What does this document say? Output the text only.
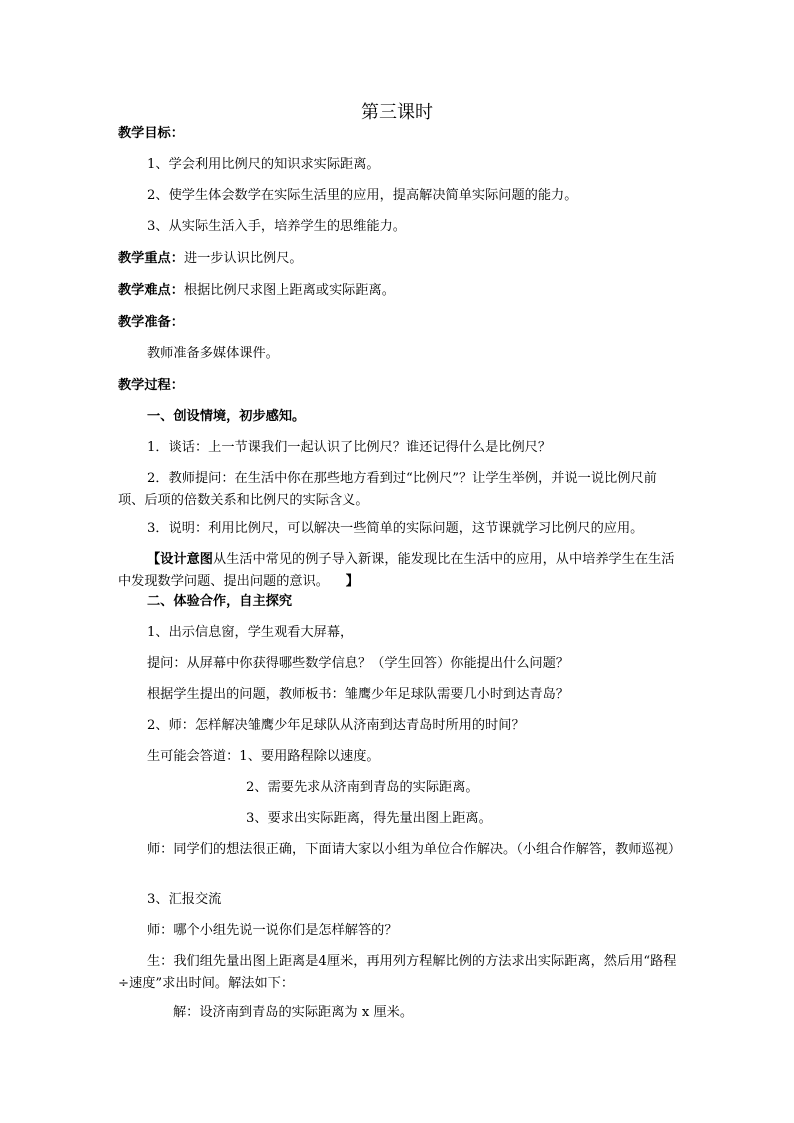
第三课时
教学目标：
1、学会利用比例尺的知识求实际距离。
2、使学生体会数学在实际生活里的应用，提高解决简单实际问题的能力。
3、从实际生活入手，培养学生的思维能力。
教学重点：进一步认识比例尺。
教学难点：根据比例尺求图上距离或实际距离。
教学准备：
教师准备多媒体课件。
教学过程：
一、创设情境，初步感知。
1．谈话：上一节课我们一起认识了比例尺？谁还记得什么是比例尺？
2．教师提问：在生活中你在那些地方看到过“比例尺”？让学生举例，并说一说比例尺前项、后项的倍数关系和比例尺的实际含义。
3．说明：利用比例尺，可以解决一些简单的实际问题，这节课就学习比例尺的应用。
【设计意图从生活中常见的例子导入新课，能发现比在生活中的应用，从中培养学生在生活中发现数学问题、提出问题的意识。 】
二、体验合作，自主探究
1、出示信息窗，学生观看大屏幕，
提问：从屏幕中你获得哪些数学信息？（学生回答）你能提出什么问题？
根据学生提出的问题，教师板书：雏鹰少年足球队需要几小时到达青岛？
2、师：怎样解决雏鹰少年足球队从济南到达青岛时所用的时间？
生可能会答道：1、要用路程除以速度。
2、需要先求从济南到青岛的实际距离。
3、要求出实际距离，得先量出图上距离。
师：同学们的想法很正确，下面请大家以小组为单位合作解决。（小组合作解答，教师巡视）
3、汇报交流
师：哪个小组先说一说你们是怎样解答的？
生：我们组先量出图上距离是4厘米，再用列方程解比例的方法求出实际距离，然后用“路程÷速度”求出时间。解法如下：
解：设济南到青岛的实际距离为 x 厘米。
